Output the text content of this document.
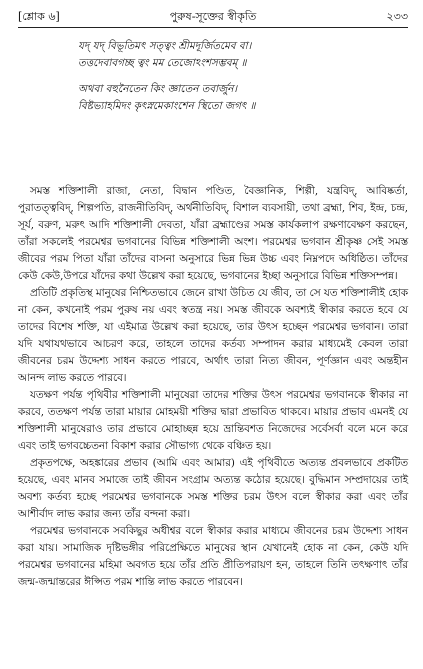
[শ্লোক ৬]	পুরুষ-সূক্তের স্বীকৃতি	২৩৩

যদ্‌ যদ্‌ বিভূতিমৎ সত্ত্বং শ্রীমদূর্জিতমেব বা।

তত্তদেবাবগচ্ছ ত্বং মম তেজোঽংশসম্ভবম্‌ ॥

অথবা বহুনৈতেন কিং জ্ঞাতেন তবার্জুন।

বিষ্টভ্যাহমিদং কৃৎস্নমেকাংশেন স্থিতো জগৎ ॥

সমস্ত শক্তিশালী রাজা, নেতা, বিদ্বান পণ্ডিত, বৈজ্ঞানিক, শিল্পী, যন্ত্রবিদ্‌, আবিষ্কর্তা, পুরাতত্ত্ববিদ্‌, শিল্পপতি, রাজনীতিবিদ্‌, অর্থনীতিবিদ্‌, বিশাল ব্যবসায়ী, তথা ব্রহ্মা, শিব, ইন্দ্র, চন্দ্র, সূর্য, বরুণ, মরুৎ আদি শক্তিশালী দেবতা, যাঁরা ব্রহ্মাণ্ডের সমস্ত কার্যকলাপ রক্ষণাবেক্ষণ করছেন, তাঁরা সকলেই পরমেশ্বর ভগবানের বিভিন্ন শক্তিশালী অংশ। পরমেশ্বর ভগবান শ্রীকৃষ্ণ সেই সমস্ত জীবের পরম পিতা যাঁরা তাঁদের বাসনা অনুসারে ভিন্ন ভিন্ন উচ্চ এবং নিম্নপদে অধিষ্ঠিত। তাঁদের কেউ কেউ,উপরে যাঁদের কথা উল্লেখ করা হয়েছে, ভগবানের ইচ্ছা অনুসারে বিভিন্ন শক্তিসম্পন্ন।

প্রতিটি প্রকৃতিস্থ মানুষের নিশ্চিতভাবে জেনে রাখা উচিত যে জীব, তা সে যত শক্তিশালীই হোক না কেন, কখনোই পরম পুরুষ নয় এবং স্বতন্ত্র নয়। সমস্ত জীবকে অবশ্যই স্বীকার করতে হবে যে তাদের বিশেষ শক্তি, যা এইমাত্র উল্লেখ করা হয়েছে, তার উৎস হচ্ছেন পরমেশ্বর ভগবান। তারা যদি যথাযথভাবে আচরণ করে, তাহলে তাদের কর্তব্য সম্পাদন করার মাধ্যমেই কেবল তারা জীবনের চরম উদ্দেশ্য সাধন করতে পারবে, অর্থাৎ তারা নিত্য জীবন, পূর্ণজ্ঞান এবং অন্তহীন আনন্দ লাভ করতে পারবে।

যতক্ষণ পর্যন্ত পৃথিবীর শক্তিশালী মানুষেরা তাদের শক্তির উৎস পরমেশ্বর ভগবানকে স্বীকার না করবে, ততক্ষণ পর্যন্ত তারা মায়ার মোহময়ী শক্তির দ্বারা প্রভাবিত থাকবে। মায়ার প্রভাব এমনই যে শক্তিশালী মানুষেরাও তার প্রভাবে মোহাচ্ছন্ন হয়ে ভ্রান্তিবশত নিজেদের সর্বেসর্বা বলে মনে করে এবং তাই ভগবচ্চেতনা বিকাশ করার সৌভাগ্য থেকে বঞ্চিত হয়।

প্রকৃতপক্ষে, অহঙ্কারের প্রভাব (আমি এবং আমার) এই পৃথিবীতে অত্যন্ত প্রবলভাবে প্রকটিত হয়েছে, এবং মানব সমাজে তাই জীবন সংগ্রাম অত্যন্ত কঠোর হয়েছে। বুদ্ধিমান সম্প্রদায়ের তাই অবশ্য কর্তব্য হচ্ছে পরমেশ্বর ভগবানকে সমস্ত শক্তির চরম উৎস বলে স্বীকার করা এবং তাঁর আশীর্বাদ লাভ করার জন্য তাঁর বন্দনা করা।

পরমেশ্বর ভগবানকে সবকিছুর অধীশ্বর বলে স্বীকার করার মাধ্যমে জীবনের চরম উদ্দেশ্য সাধন করা যায়। সামাজিক দৃষ্টিভঙ্গীর পরিপ্রেক্ষিতে মানুষের স্থান যেখানেই হোক না কেন, কেউ যদি পরমেশ্বর ভগবানের মহিমা অবগত হয়ে তাঁর প্রতি প্রীতিপরায়ণ হন, তাহলে তিনি তৎক্ষণাৎ তাঁর জন্ম-জন্মান্তরের ঈপ্সিত পরম শান্তি লাভ করতে পারবেন।
